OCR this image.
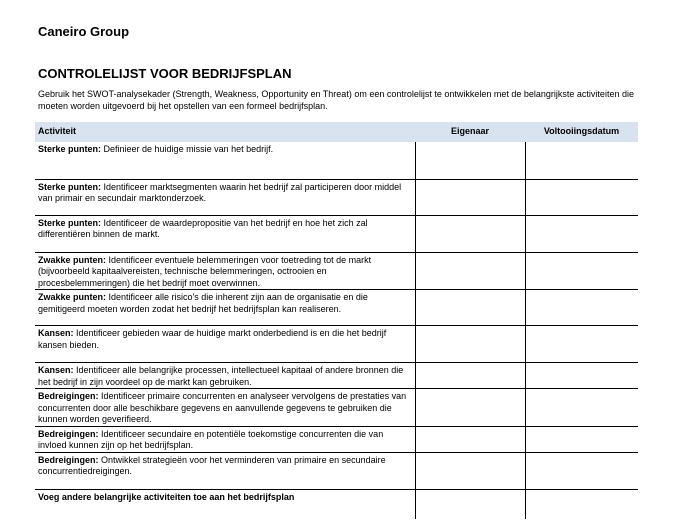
Caneiro Group
CONTROLELIJST VOOR BEDRIJFSPLAN
Gebruik het SWOT-analysekader (Strength, Weakness, Opportunity en Threat) om een controlelijst te ontwikkelen met de belangrijkste activiteiten die moeten worden uitgevoerd bij het opstellen van een formeel bedrijfsplan.
Activiteit	Eigenaar	Voltooiingsdatum
Sterke punten: Definieer de huidige missie van het bedrijf.		
Sterke punten: Identificeer marktsegmenten waarin het bedrijf zal participeren door middel van primair en secundair marktonderzoek.		
Sterke punten: Identificeer de waardepropositie van het bedrijf en hoe het zich zal differentiëren binnen de markt.		
Zwakke punten: Identificeer eventuele belemmeringen voor toetreding tot de markt (bijvoorbeeld kapitaalvereisten, technische belemmeringen, octrooien en procesbelemmeringen) die het bedrijf moet overwinnen.		
Zwakke punten: Identificeer alle risico's die inherent zijn aan de organisatie en die gemitigeerd moeten worden zodat het bedrijf het bedrijfsplan kan realiseren.		
Kansen: Identificeer gebieden waar de huidige markt onderbediend is en die het bedrijf kansen bieden.		
Kansen: Identificeer alle belangrijke processen, intellectueel kapitaal of andere bronnen die het bedrijf in zijn voordeel op de markt kan gebruiken.		
Bedreigingen: Identificeer primaire concurrenten en analyseer vervolgens de prestaties van concurrenten door alle beschikbare gegevens en aanvullende gegevens te gebruiken die kunnen worden geverifieerd.		
Bedreigingen: Identificeer secundaire en potentiële toekomstige concurrenten die van invloed kunnen zijn op het bedrijfsplan.		
Bedreigingen: Ontwikkel strategieën voor het verminderen van primaire en secundaire concurrentiedreigingen.		
Voeg andere belangrijke activiteiten toe aan het bedrijfsplan		
